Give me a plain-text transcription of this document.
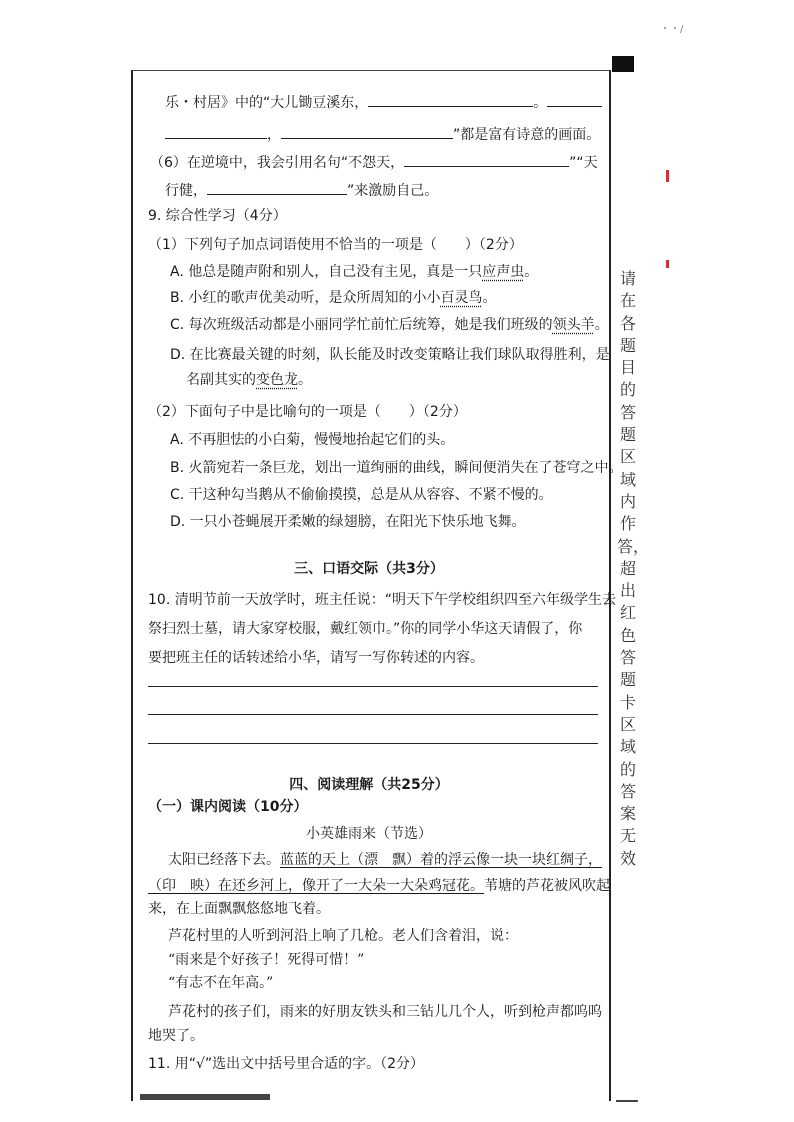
・・/
乐・村居》中的“大儿锄豆溪东，	。
，	”都是富有诗意的画面。
（6）在逆境中，我会引用名句“不怨天，	”“天
行健，	”来激励自己。
9. 综合性学习（4分）
（1）下列句子加点词语使用不恰当的一项是（　　）（2分）
A. 他总是随声附和别人，自己没有主见，真是一只应声虫。
B. 小红的歌声优美动听，是众所周知的小小百灵鸟。
C. 每次班级活动都是小丽同学忙前忙后统筹，她是我们班级的领头羊。
D. 在比赛最关键的时刻，队长能及时改变策略让我们球队取得胜利，是
名副其实的变色龙。
（2）下面句子中是比喻句的一项是（　　）（2分）
A. 不再胆怯的小白菊，慢慢地抬起它们的头。
B. 火箭宛若一条巨龙，划出一道绚丽的曲线，瞬间便消失在了苍穹之中。
C. 干这种勾当鹅从不偷偷摸摸，总是从从容容、不紧不慢的。
D. 一只小苍蝇展开柔嫩的绿翅膀，在阳光下快乐地飞舞。
三、口语交际（共3分）
10. 清明节前一天放学时，班主任说：“明天下午学校组织四至六年级学生去
祭扫烈士墓，请大家穿校服，戴红领巾。”你的同学小华这天请假了，你
要把班主任的话转述给小华，请写一写你转述的内容。
四、阅读理解（共25分）
（一）课内阅读（10分）
小英雄雨来（节选）
太阳已经落下去。蓝蓝的天上（漂　飘）着的浮云像一块一块红绸子，
（印　映）在还乡河上，像开了一大朵一大朵鸡冠花。苇塘的芦花被风吹起
来，在上面飘飘悠悠地飞着。
芦花村里的人听到河沿上响了几枪。老人们含着泪，说：
“雨来是个好孩子！死得可惜！”
“有志不在年高。”
芦花村的孩子们，雨来的好朋友铁头和三钻儿几个人，听到枪声都呜呜
地哭了。
11. 用“√”选出文中括号里合适的字。（2分）
请在各题目的答题区域内作答，超出红色答题卡区域的答案无效
